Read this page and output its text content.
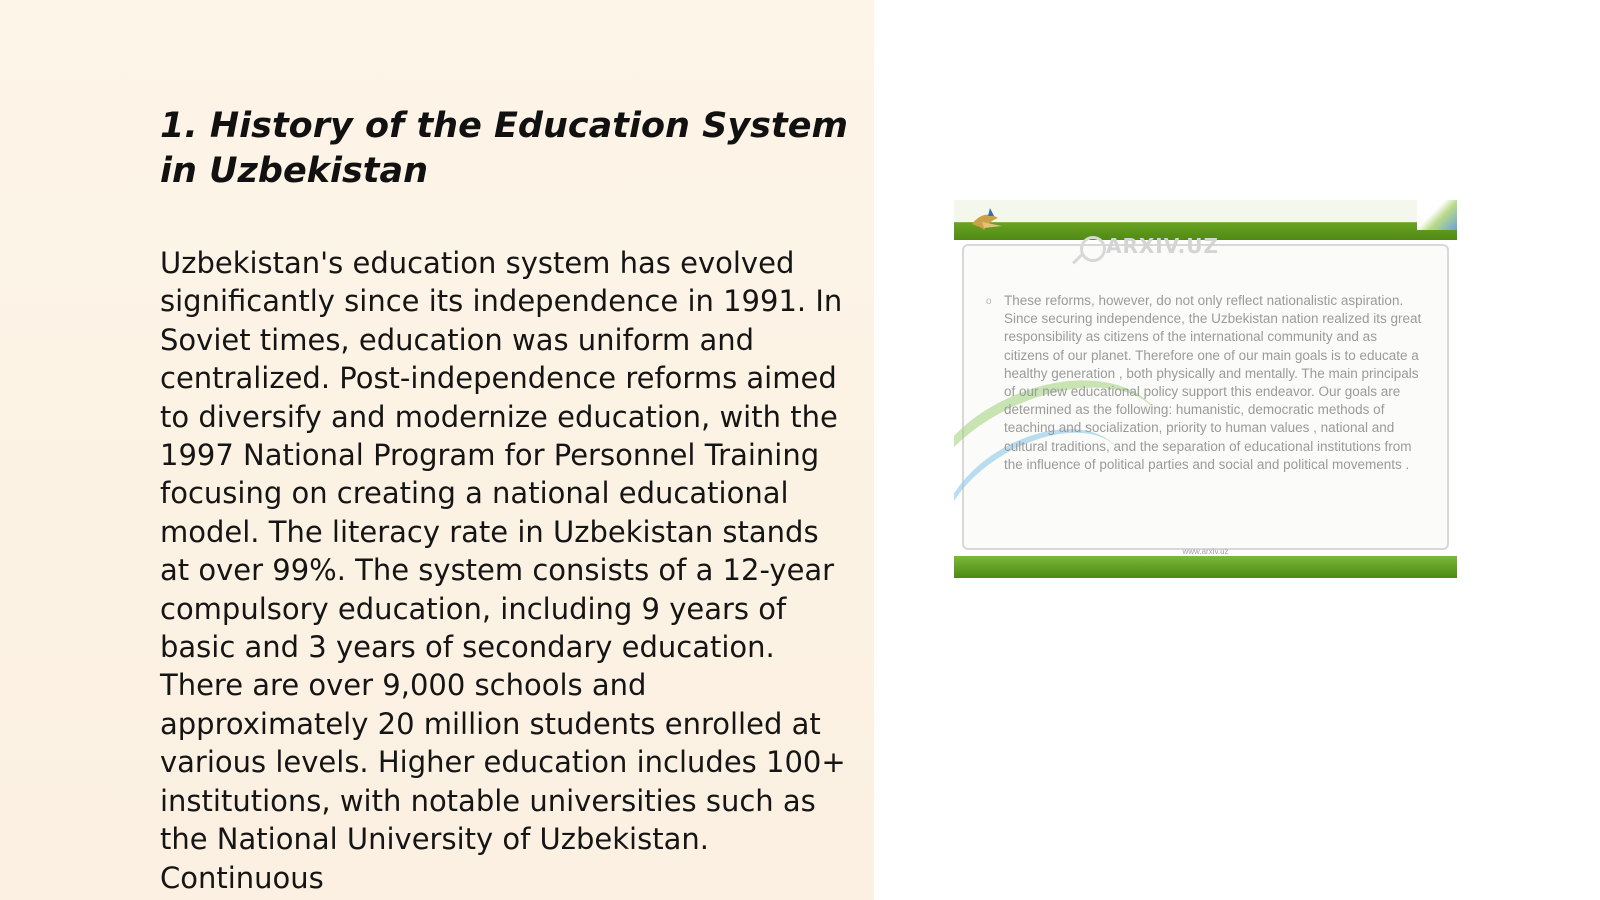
1. History of the Education System in Uzbekistan

Uzbekistan's education system has evolved significantly since its independence in 1991. In Soviet times, education was uniform and centralized. Post-independence reforms aimed to diversify and modernize education, with the 1997 National Program for Personnel Training focusing on creating a national educational model. The literacy rate in Uzbekistan stands at over 99%. The system consists of a 12-year compulsory education, including 9 years of basic and 3 years of secondary education. There are over 9,000 schools and approximately 20 million students enrolled at various levels. Higher education includes 100+ institutions, with notable universities such as the National University of Uzbekistan. Continuous

ARXIV.UZ
o These reforms, however, do not only reflect nationalistic aspiration. Since securing independence, the Uzbekistan nation realized its great responsibility as citizens of the international community and as citizens of our planet. Therefore one of our main goals is to educate a healthy generation , both physically and mentally. The main principals of our new educational policy support this endeavor. Our goals are determined as the following: humanistic, democratic methods of teaching and socialization, priority to human values , national and cultural traditions, and the separation of educational institutions from the influence of political parties and social and political movements .

www.arxiv.uz
